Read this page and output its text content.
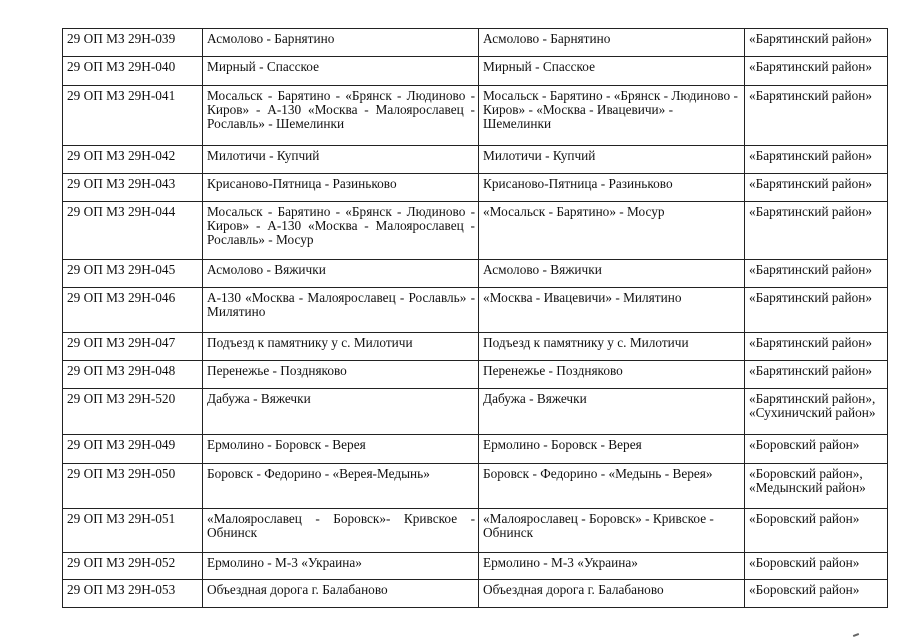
29 ОП МЗ 29Н-039	Асмолово - Барнятино	Асмолово - Барнятино	«Барятинский район»
29 ОП МЗ 29Н-040	Мирный - Спасское	Мирный - Спасское	«Барятинский район»
29 ОП МЗ 29Н-041	Мосальск - Барятино - «Брянск - Людиново - Киров» - А-130 «Москва - Малоярославец - Рославль» - Шемелинки	Мосальск - Барятино - «Брянск - Людиново - Киров» - «Москва - Ивацевичи» - Шемелинки	«Барятинский район»
29 ОП МЗ 29Н-042	Милотичи - Купчий	Милотичи - Купчий	«Барятинский район»
29 ОП МЗ 29Н-043	Крисаново-Пятница - Разиньково	Крисаново-Пятница - Разиньково	«Барятинский район»
29 ОП МЗ 29Н-044	Мосальск - Барятино - «Брянск - Людиново - Киров» - А-130 «Москва - Малоярославец - Рославль» - Мосур	«Мосальск - Барятино» - Мосур	«Барятинский район»
29 ОП МЗ 29Н-045	Асмолово - Вяжички	Асмолово - Вяжички	«Барятинский район»
29 ОП МЗ 29Н-046	А-130 «Москва - Малоярославец - Рославль» - Милятино	«Москва - Ивацевичи» - Милятино	«Барятинский район»
29 ОП МЗ 29Н-047	Подъезд к памятнику у с. Милотичи	Подъезд к памятнику у с. Милотичи	«Барятинский район»
29 ОП МЗ 29Н-048	Перенежье - Поздняково	Перенежье - Поздняково	«Барятинский район»
29 ОП МЗ 29Н-520	Дабужа - Вяжечки	Дабужа - Вяжечки	«Барятинский район», «Сухиничский район»
29 ОП МЗ 29Н-049	Ермолино - Боровск - Верея	Ермолино - Боровск - Верея	«Боровский район»
29 ОП МЗ 29Н-050	Боровск - Федорино - «Верея-Медынь»	Боровск - Федорино - «Медынь - Верея»	«Боровский район», «Медынский район»
29 ОП МЗ 29Н-051	«Малоярославец - Боровск»- Кривское - Обнинск	«Малоярославец - Боровск» - Кривское - Обнинск	«Боровский район»
29 ОП МЗ 29Н-052	Ермолино - М-3 «Украина»	Ермолино - М-3 «Украина»	«Боровский район»
29 ОП МЗ 29Н-053	Объездная дорога г. Балабаново	Объездная дорога г. Балабаново	«Боровский район»
